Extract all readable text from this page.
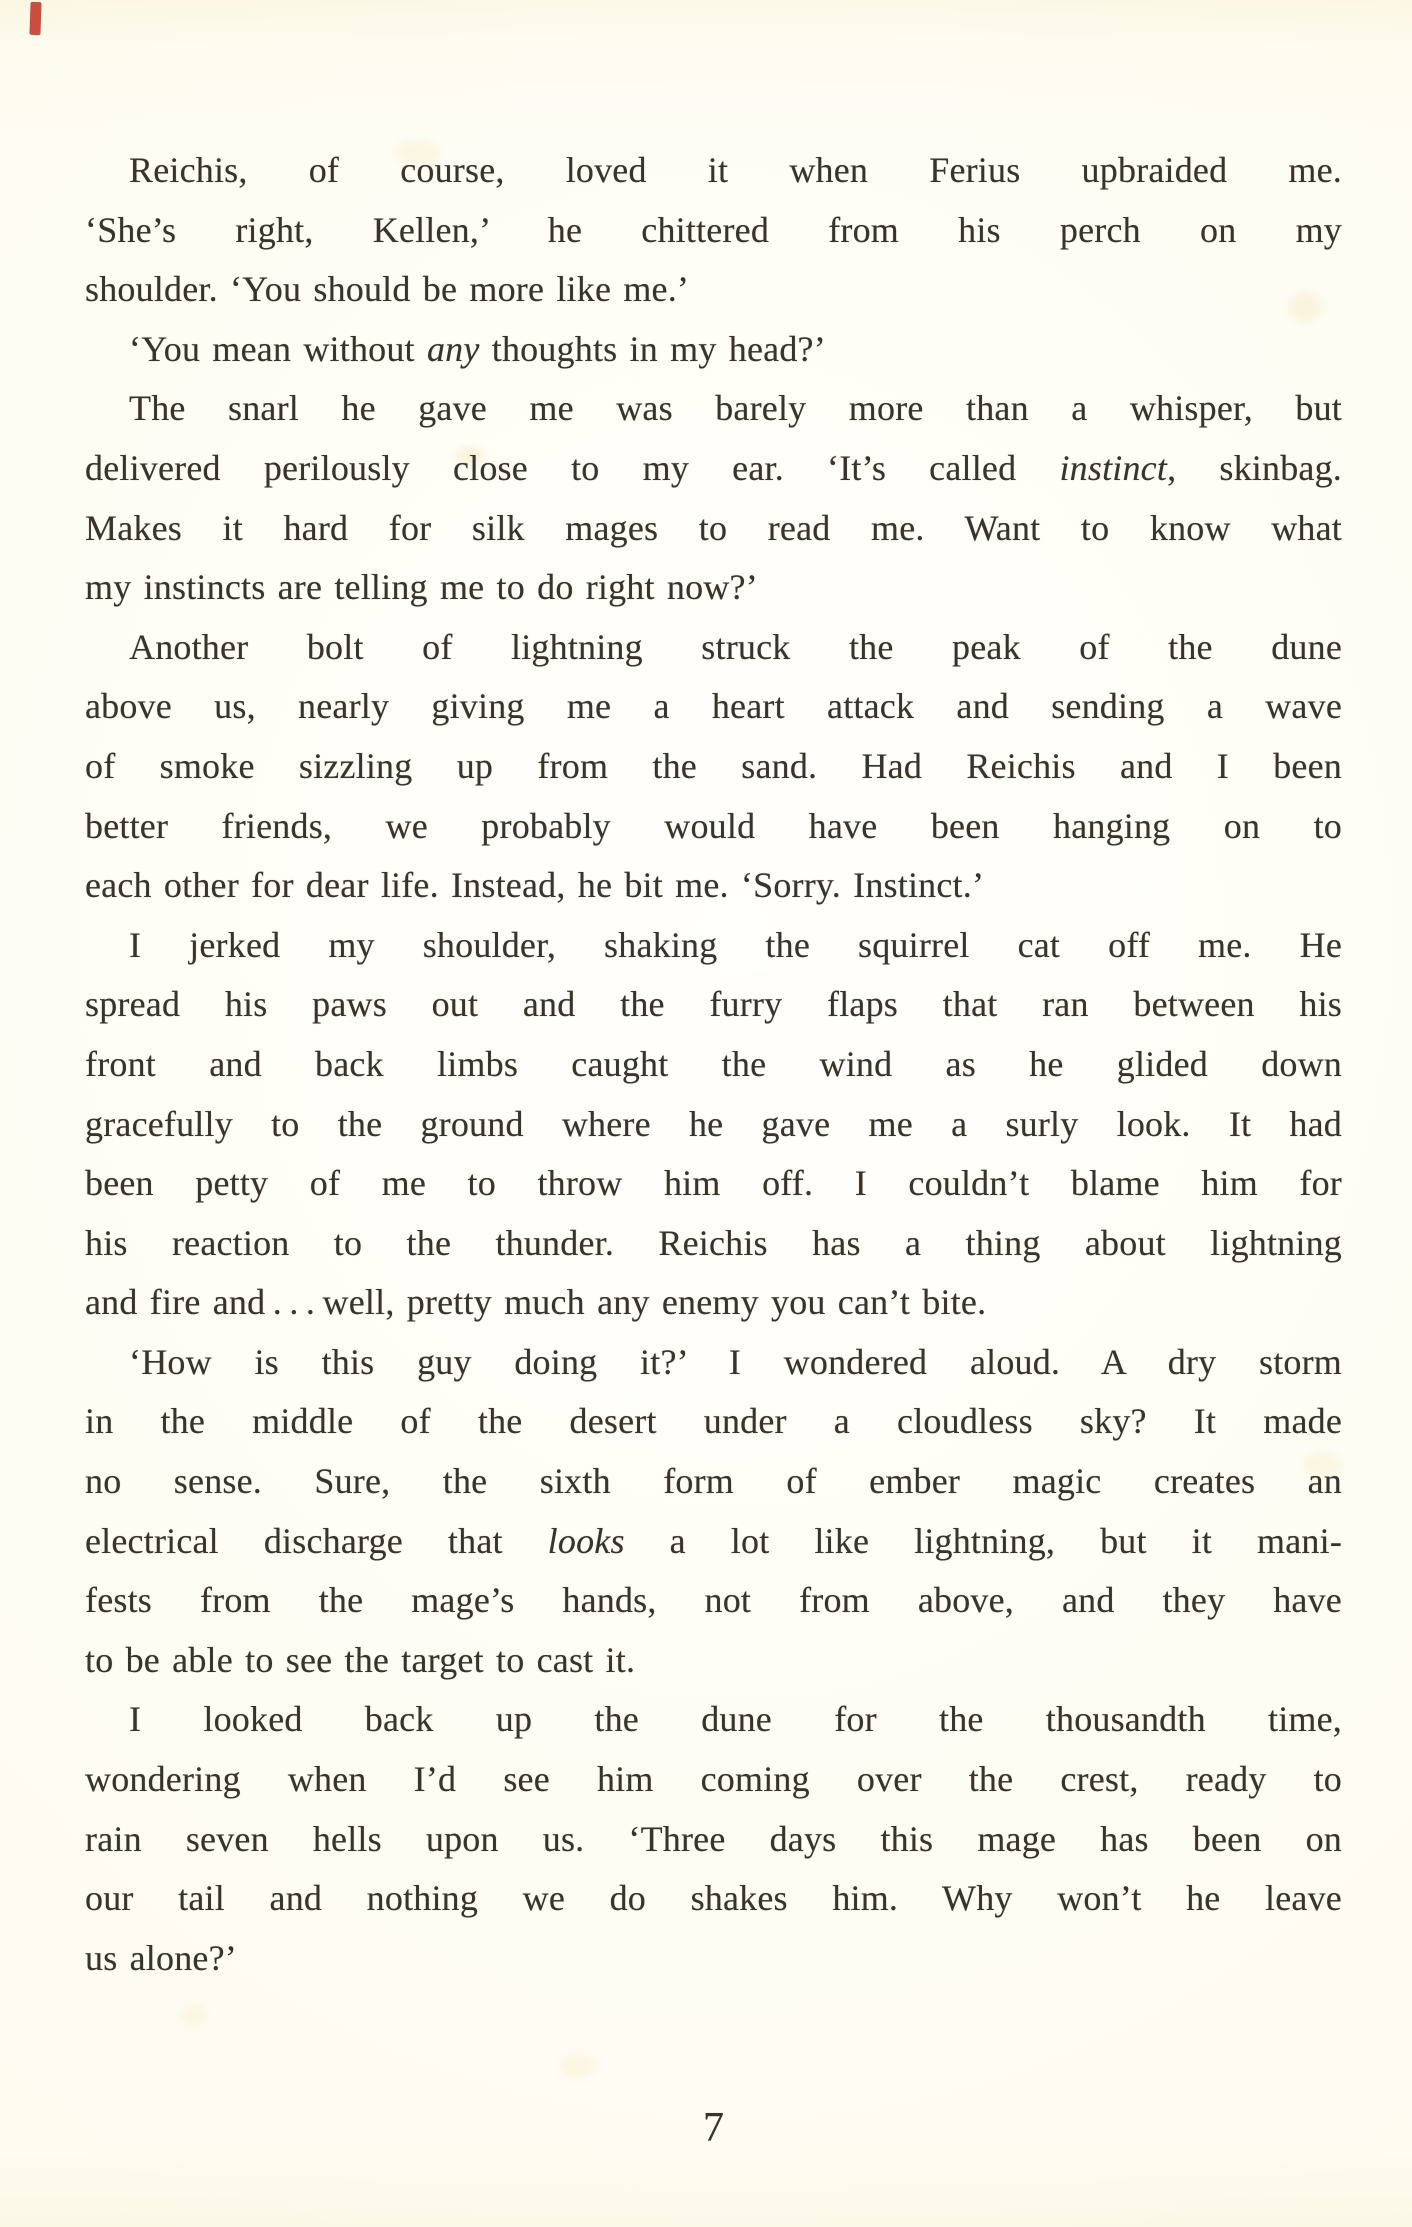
Reichis, of course, loved it when Ferius upbraided me.
‘She’s right, Kellen,’ he chittered from his perch on my
shoulder. ‘You should be more like me.’
‘You mean without any thoughts in my head?’
The snarl he gave me was barely more than a whisper, but
delivered perilously close to my ear. ‘It’s called instinct, skinbag.
Makes it hard for silk mages to read me. Want to know what
my instincts are telling me to do right now?’
Another bolt of lightning struck the peak of the dune
above us, nearly giving me a heart attack and sending a wave
of smoke sizzling up from the sand. Had Reichis and I been
better friends, we probably would have been hanging on to
each other for dear life. Instead, he bit me. ‘Sorry. Instinct.’
I jerked my shoulder, shaking the squirrel cat off me. He
spread his paws out and the furry flaps that ran between his
front and back limbs caught the wind as he glided down
gracefully to the ground where he gave me a surly look. It had
been petty of me to throw him off. I couldn’t blame him for
his reaction to the thunder. Reichis has a thing about lightning
and fire and . . . well, pretty much any enemy you can’t bite.
‘How is this guy doing it?’ I wondered aloud. A dry storm
in the middle of the desert under a cloudless sky? It made
no sense. Sure, the sixth form of ember magic creates an
electrical discharge that looks a lot like lightning, but it mani-
fests from the mage’s hands, not from above, and they have
to be able to see the target to cast it.
I looked back up the dune for the thousandth time,
wondering when I’d see him coming over the crest, ready to
rain seven hells upon us. ‘Three days this mage has been on
our tail and nothing we do shakes him. Why won’t he leave
us alone?’
7
